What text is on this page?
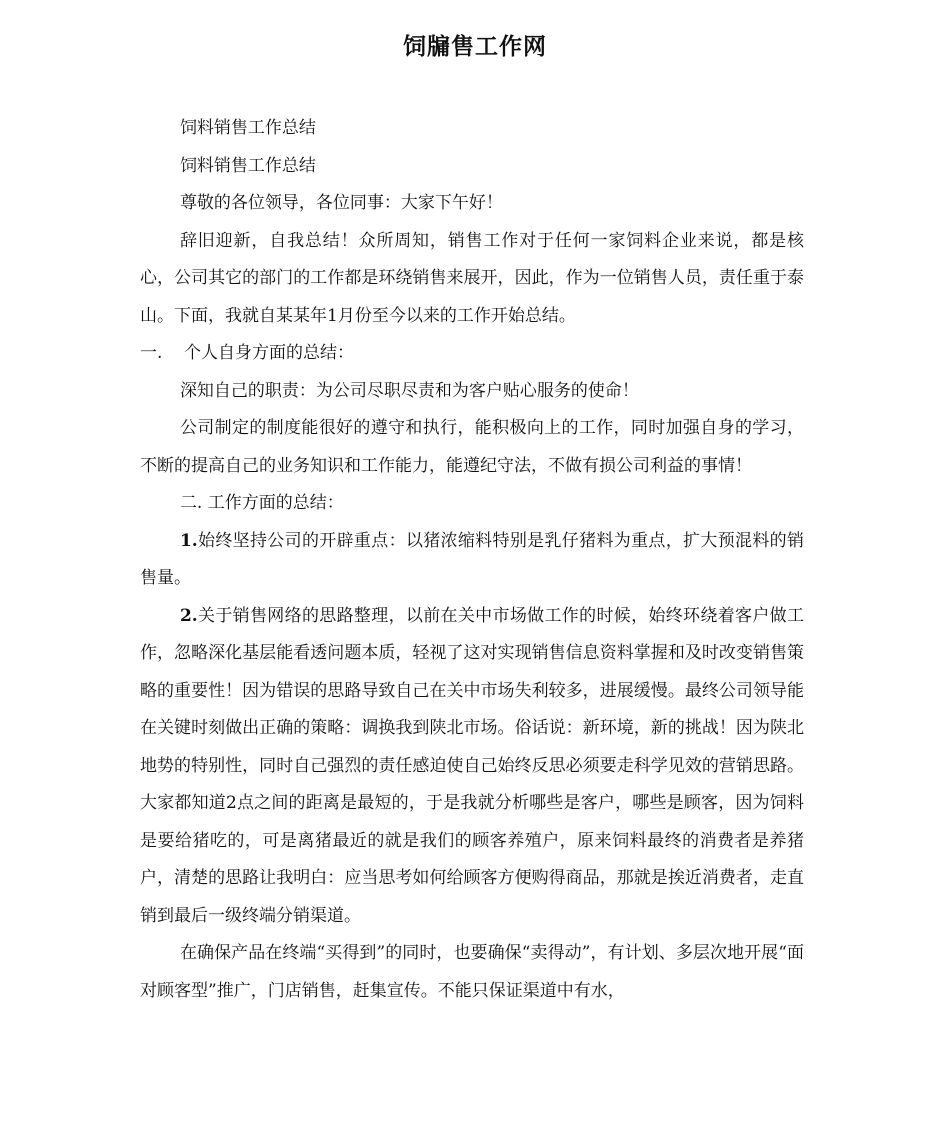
饲牖售工作网

饲料销售工作总结

饲料销售工作总结

尊敬的各位领导，各位同事：大家下午好！

辞旧迎新，自我总结！众所周知，销售工作对于任何一家饲料企业来说，都是核心，公司其它的部门的工作都是环绕销售来展开，因此，作为一位销售人员，责任重于泰山。下面，我就自某某年1月份至今以来的工作开始总结。

一. 个人自身方面的总结：

深知自己的职责：为公司尽职尽责和为客户贴心服务的使命！

公司制定的制度能很好的遵守和执行，能积极向上的工作，同时加强自身的学习，不断的提高自己的业务知识和工作能力，能遵纪守法，不做有损公司利益的事情！

二. 工作方面的总结：

1.始终坚持公司的开辟重点：以猪浓缩料特别是乳仔猪料为重点，扩大预混料的销售量。

2.关于销售网络的思路整理，以前在关中市场做工作的时候，始终环绕着客户做工作，忽略深化基层能看透问题本质，轻视了这对实现销售信息资料掌握和及时改变销售策略的重要性！因为错误的思路导致自己在关中市场失利较多，进展缓慢。最终公司领导能在关键时刻做出正确的策略：调换我到陕北市场。俗话说：新环境，新的挑战！因为陕北地势的特别性，同时自己强烈的责任感迫使自己始终反思必须要走科学见效的营销思路。大家都知道2点之间的距离是最短的，于是我就分析哪些是客户，哪些是顾客，因为饲料是要给猪吃的，可是离猪最近的就是我们的顾客养殖户，原来饲料最终的消费者是养猪户，清楚的思路让我明白：应当思考如何给顾客方便购得商品，那就是挨近消费者，走直销到最后一级终端分销渠道。

在确保产品在终端“买得到”的同时，也要确保“卖得动”，有计划、多层次地开展“面对顾客型”推广，门店销售，赶集宣传。不能只保证渠道中有水，
